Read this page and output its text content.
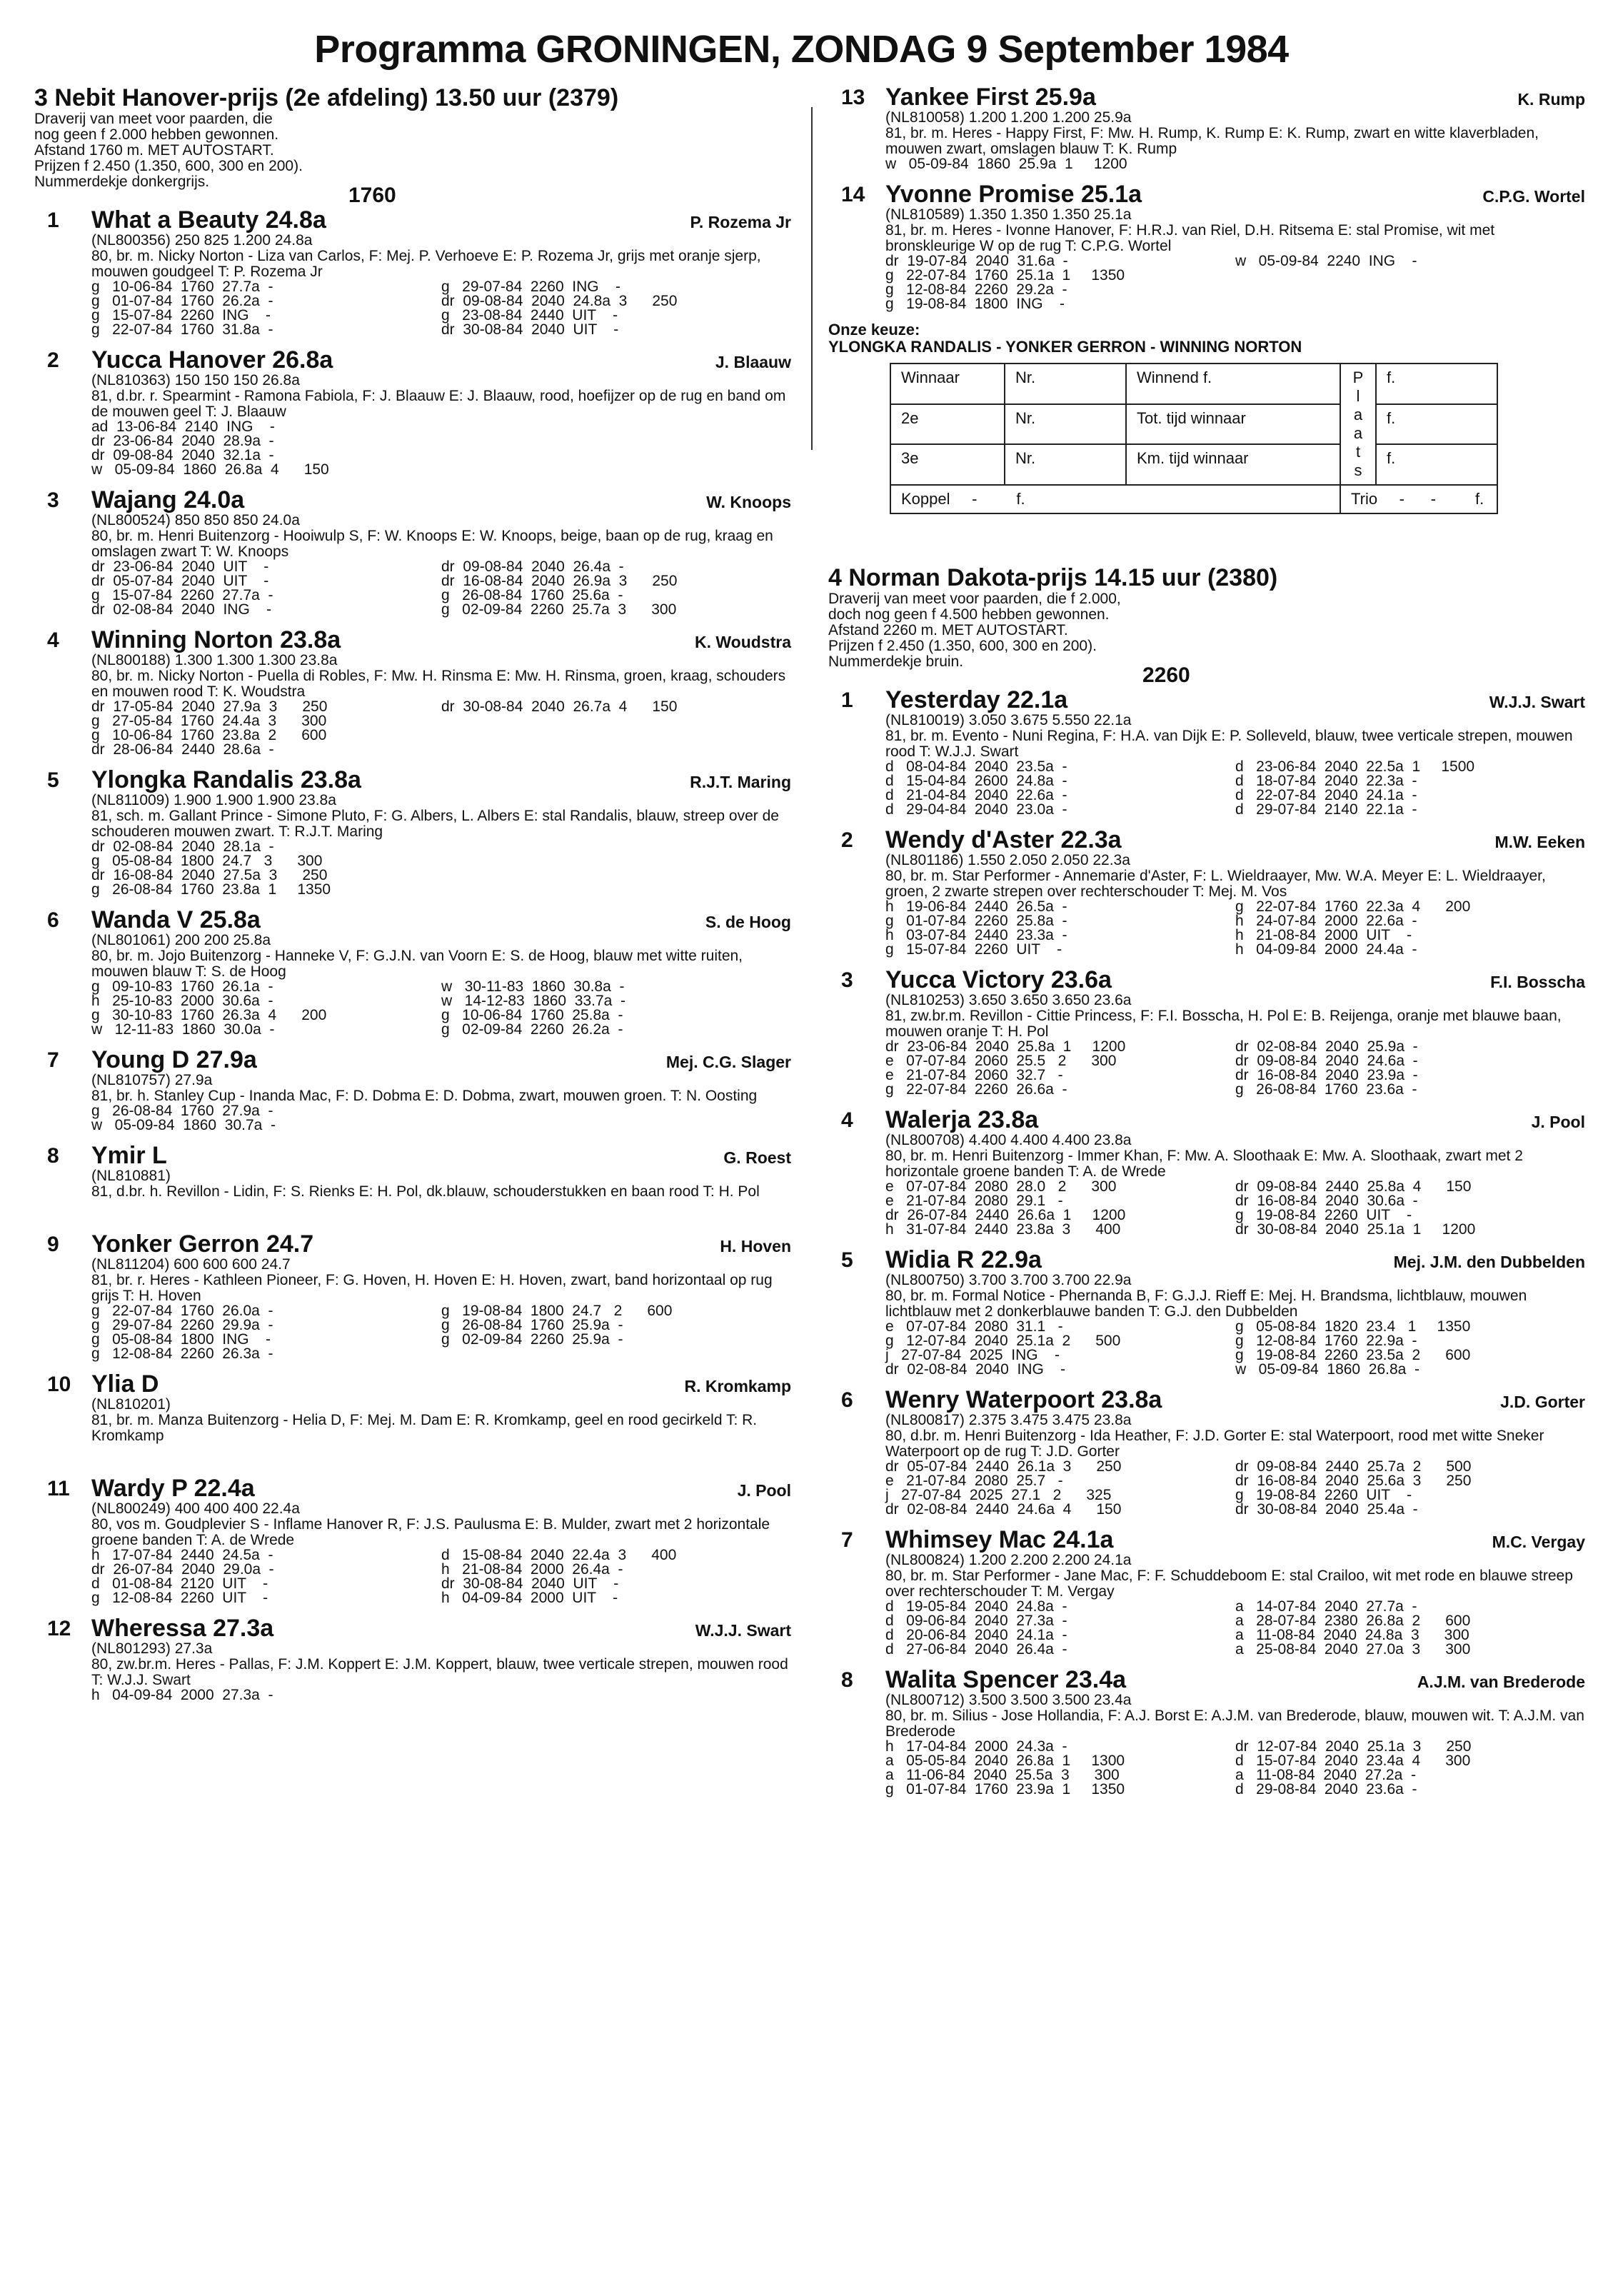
Programma GRONINGEN, ZONDAG 9 September 1984
3 Nebit Hanover-prijs (2e afdeling) 13.50 uur (2379)
Draverij van meet voor paarden, die
nog geen f 2.000 hebben gewonnen.
Afstand 1760 m. MET AUTOSTART.
Prijzen f 2.450 (1.350, 600, 300 en 200).
Nummerdekje donkergrijs.
1760
1 What a Beauty 24.8a	P. Rozema Jr
(NL800356) 250 825 1.200 24.8a
80, br. m. Nicky Norton - Liza van Carlos, F: Mej. P. Verhoeve E: P. Rozema Jr, grijs met oranje sjerp, mouwen goudgeel T: P. Rozema Jr
g   10-06-84  1760  27.7a  -
g   01-07-84  1760  26.2a  -
g   15-07-84  2260  ING    -
g   22-07-84  1760  31.8a  -
g   29-07-84  2260  ING    -
dr  09-08-84  2040  24.8a  3      250
g   23-08-84  2440  UIT    -
dr  30-08-84  2040  UIT    -
2 Yucca Hanover 26.8a	J. Blaauw
(NL810363) 150 150 150 26.8a
81, d.br. r. Spearmint - Ramona Fabiola, F: J. Blaauw E: J. Blaauw, rood, hoefijzer op de rug en band om de mouwen geel T: J. Blaauw
ad  13-06-84  2140  ING    -
dr  23-06-84  2040  28.9a  -
dr  09-08-84  2040  32.1a  -
w   05-09-84  1860  26.8a  4      150
3 Wajang 24.0a	W. Knoops
(NL800524) 850 850 850 24.0a
80, br. m. Henri Buitenzorg - Hooiwulp S, F: W. Knoops E: W. Knoops, beige, baan op de rug, kraag en omslagen zwart T: W. Knoops
dr  23-06-84  2040  UIT    -
dr  05-07-84  2040  UIT    -
g   15-07-84  2260  27.7a  -
dr  02-08-84  2040  ING    -
dr  09-08-84  2040  26.4a  -
dr  16-08-84  2040  26.9a  3      250
g   26-08-84  1760  25.6a  -
g   02-09-84  2260  25.7a  3      300
4 Winning Norton 23.8a	K. Woudstra
(NL800188) 1.300 1.300 1.300 23.8a
80, br. m. Nicky Norton - Puella di Robles, F: Mw. H. Rinsma E: Mw. H. Rinsma, groen, kraag, schouders en mouwen rood T: K. Woudstra
dr  17-05-84  2040  27.9a  3      250
g   27-05-84  1760  24.4a  3      300
g   10-06-84  1760  23.8a  2      600
dr  28-06-84  2440  28.6a  -
dr  30-08-84  2040  26.7a  4      150
5 Ylongka Randalis 23.8a	R.J.T. Maring
(NL811009) 1.900 1.900 1.900 23.8a
81, sch. m. Gallant Prince - Simone Pluto, F: G. Albers, L. Albers E: stal Randalis, blauw, streep over de schouderen mouwen zwart. T: R.J.T. Maring
dr  02-08-84  2040  28.1a  -
g   05-08-84  1800  24.7   3      300
dr  16-08-84  2040  27.5a  3      250
g   26-08-84  1760  23.8a  1     1350
6 Wanda V 25.8a	S. de Hoog
(NL801061) 200 200 25.8a
80, br. m. Jojo Buitenzorg - Hanneke V, F: G.J.N. van Voorn E: S. de Hoog, blauw met witte ruiten, mouwen blauw T: S. de Hoog
g   09-10-83  1760  26.1a  -
h   25-10-83  2000  30.6a  -
g   30-10-83  1760  26.3a  4      200
w   12-11-83  1860  30.0a  -
w   30-11-83  1860  30.8a  -
w   14-12-83  1860  33.7a  -
g   10-06-84  1760  25.8a  -
g   02-09-84  2260  26.2a  -
7 Young D 27.9a	Mej. C.G. Slager
(NL810757) 27.9a
81, br. h. Stanley Cup - Inanda Mac, F: D. Dobma E: D. Dobma, zwart, mouwen groen. T: N. Oosting
g   26-08-84  1760  27.9a  -
w   05-09-84  1860  30.7a  -
8 Ymir L	G. Roest
(NL810881)
81, d.br. h. Revillon - Lidin, F: S. Rienks E: H. Pol, dk.blauw, schouderstukken en baan rood T: H. Pol
9 Yonker Gerron 24.7	H. Hoven
(NL811204) 600 600 600 24.7
81, br. r. Heres - Kathleen Pioneer, F: G. Hoven, H. Hoven E: H. Hoven, zwart, band horizontaal op rug grijs T: H. Hoven
g   22-07-84  1760  26.0a  -
g   29-07-84  2260  29.9a  -
g   05-08-84  1800  ING    -
g   12-08-84  2260  26.3a  -
g   19-08-84  1800  24.7   2      600
g   26-08-84  1760  25.9a  -
g   02-09-84  2260  25.9a  -
10 Ylia D	R. Kromkamp
(NL810201)
81, br. m. Manza Buitenzorg - Helia D, F: Mej. M. Dam E: R. Kromkamp, geel en rood gecirkeld T: R. Kromkamp
11 Wardy P 22.4a	J. Pool
(NL800249) 400 400 400 22.4a
80, vos m. Goudplevier S - Inflame Hanover R, F: J.S. Paulusma E: B. Mulder, zwart met 2 horizontale groene banden T: A. de Wrede
h   17-07-84  2440  24.5a  -
dr  26-07-84  2040  29.0a  -
d   01-08-84  2120  UIT    -
g   12-08-84  2260  UIT    -
d   15-08-84  2040  22.4a  3      400
h   21-08-84  2000  26.4a  -
dr  30-08-84  2040  UIT    -
h   04-09-84  2000  UIT    -
12 Wheressa 27.3a	W.J.J. Swart
(NL801293) 27.3a
80, zw.br.m. Heres - Pallas, F: J.M. Koppert E: J.M. Koppert, blauw, twee verticale strepen, mouwen rood T: W.J.J. Swart
h   04-09-84  2000  27.3a  -
13 Yankee First 25.9a	K. Rump
(NL810058) 1.200 1.200 1.200 25.9a
81, br. m. Heres - Happy First, F: Mw. H. Rump, K. Rump E: K. Rump, zwart en witte klaverbladen, mouwen zwart, omslagen blauw T: K. Rump
w   05-09-84  1860  25.9a  1     1200
14 Yvonne Promise 25.1a	C.P.G. Wortel
(NL810589) 1.350 1.350 1.350 25.1a
81, br. m. Heres - Ivonne Hanover, F: H.R.J. van Riel, D.H. Ritsema E: stal Promise, wit met bronskleurige W op de rug T: C.P.G. Wortel
dr  19-07-84  2040  31.6a  -
g   22-07-84  1760  25.1a  1     1350
g   12-08-84  2260  29.2a  -
g   19-08-84  1800  ING    -
w   05-09-84  2240  ING    -
Onze keuze:
YLONGKA RANDALIS - YONKER GERRON - WINNING NORTON
Winnaar	Nr.	Winnend f.	P l a a t s	f.
2e	Nr.	Tot. tijd winnaar		f.
3e	Nr.	Km. tijd winnaar		f.
Koppel     -         f.			Trio     -      -         f.	
4 Norman Dakota-prijs 14.15 uur (2380)
Draverij van meet voor paarden, die f 2.000,
doch nog geen f 4.500 hebben gewonnen.
Afstand 2260 m. MET AUTOSTART.
Prijzen f 2.450 (1.350, 600, 300 en 200).
Nummerdekje bruin.
2260
1 Yesterday 22.1a	W.J.J. Swart
(NL810019) 3.050 3.675 5.550 22.1a
81, br. m. Evento - Nuni Regina, F: H.A. van Dijk E: P. Solleveld, blauw, twee verticale strepen, mouwen rood T: W.J.J. Swart
d   08-04-84  2040  23.5a  -
d   15-04-84  2600  24.8a  -
d   21-04-84  2040  22.6a  -
d   29-04-84  2040  23.0a  -
d   23-06-84  2040  22.5a  1     1500
d   18-07-84  2040  22.3a  -
d   22-07-84  2040  24.1a  -
d   29-07-84  2140  22.1a  -
2 Wendy d'Aster 22.3a	M.W. Eeken
(NL801186) 1.550 2.050 2.050 22.3a
80, br. m. Star Performer - Annemarie d'Aster, F: L. Wieldraayer, Mw. W.A. Meyer E: L. Wieldraayer, groen, 2 zwarte strepen over rechterschouder T: Mej. M. Vos
h   19-06-84  2440  26.5a  -
g   01-07-84  2260  25.8a  -
h   03-07-84  2440  23.3a  -
g   15-07-84  2260  UIT    -
g   22-07-84  1760  22.3a  4      200
h   24-07-84  2000  22.6a  -
h   21-08-84  2000  UIT    -
h   04-09-84  2000  24.4a  -
3 Yucca Victory 23.6a	F.I. Bosscha
(NL810253) 3.650 3.650 3.650 23.6a
81, zw.br.m. Revillon - Cittie Princess, F: F.I. Bosscha, H. Pol E: B. Reijenga, oranje met blauwe baan, mouwen oranje T: H. Pol
dr  23-06-84  2040  25.8a  1     1200
e   07-07-84  2060  25.5   2      300
e   21-07-84  2060  32.7   -
g   22-07-84  2260  26.6a  -
dr  02-08-84  2040  25.9a  -
dr  09-08-84  2040  24.6a  -
dr  16-08-84  2040  23.9a  -
g   26-08-84  1760  23.6a  -
4 Walerja 23.8a	J. Pool
(NL800708) 4.400 4.400 4.400 23.8a
80, br. m. Henri Buitenzorg - Immer Khan, F: Mw. A. Sloothaak E: Mw. A. Sloothaak, zwart met 2 horizontale groene banden T: A. de Wrede
e   07-07-84  2080  28.0   2      300
e   21-07-84  2080  29.1   -
dr  26-07-84  2440  26.6a  1     1200
h   31-07-84  2440  23.8a  3      400
dr  09-08-84  2440  25.8a  4      150
dr  16-08-84  2040  30.6a  -
g   19-08-84  2260  UIT    -
dr  30-08-84  2040  25.1a  1     1200
5 Widia R 22.9a	Mej. J.M. den Dubbelden
(NL800750) 3.700 3.700 3.700 22.9a
80, br. m. Formal Notice - Phernanda B, F: G.J.J. Rieff E: Mej. H. Brandsma, lichtblauw, mouwen lichtblauw met 2 donkerblauwe banden T: G.J. den Dubbelden
e   07-07-84  2080  31.1   -
g   12-07-84  2040  25.1a  2      500
j   27-07-84  2025  ING    -
dr  02-08-84  2040  ING    -
g   05-08-84  1820  23.4   1     1350
g   12-08-84  1760  22.9a  -
g   19-08-84  2260  23.5a  2      600
w   05-09-84  1860  26.8a  -
6 Wenry Waterpoort 23.8a	J.D. Gorter
(NL800817) 2.375 3.475 3.475 23.8a
80, d.br. m. Henri Buitenzorg - Ida Heather, F: J.D. Gorter E: stal Waterpoort, rood met witte Sneker Waterpoort op de rug T: J.D. Gorter
dr  05-07-84  2440  26.1a  3      250
e   21-07-84  2080  25.7   -
j   27-07-84  2025  27.1   2      325
dr  02-08-84  2440  24.6a  4      150
dr  09-08-84  2440  25.7a  2      500
dr  16-08-84  2040  25.6a  3      250
g   19-08-84  2260  UIT    -
dr  30-08-84  2040  25.4a  -
7 Whimsey Mac 24.1a	M.C. Vergay
(NL800824) 1.200 2.200 2.200 24.1a
80, br. m. Star Performer - Jane Mac, F: F. Schuddeboom E: stal Crailoo, wit met rode en blauwe streep over rechterschouder T: M. Vergay
d   19-05-84  2040  24.8a  -
d   09-06-84  2040  27.3a  -
d   20-06-84  2040  24.1a  -
d   27-06-84  2040  26.4a  -
a   14-07-84  2040  27.7a  -
a   28-07-84  2380  26.8a  2      600
a   11-08-84  2040  24.8a  3      300
a   25-08-84  2040  27.0a  3      300
8 Walita Spencer 23.4a	A.J.M. van Brederode
(NL800712) 3.500 3.500 3.500 23.4a
80, br. m. Silius - Jose Hollandia, F: A.J. Borst E: A.J.M. van Brederode, blauw, mouwen wit. T: A.J.M. van Brederode
h   17-04-84  2000  24.3a  -
a   05-05-84  2040  26.8a  1     1300
a   11-06-84  2040  25.5a  3      300
g   01-07-84  1760  23.9a  1     1350
dr  12-07-84  2040  25.1a  3      250
d   15-07-84  2040  23.4a  4      300
a   11-08-84  2040  27.2a  -
d   29-08-84  2040  23.6a  -
